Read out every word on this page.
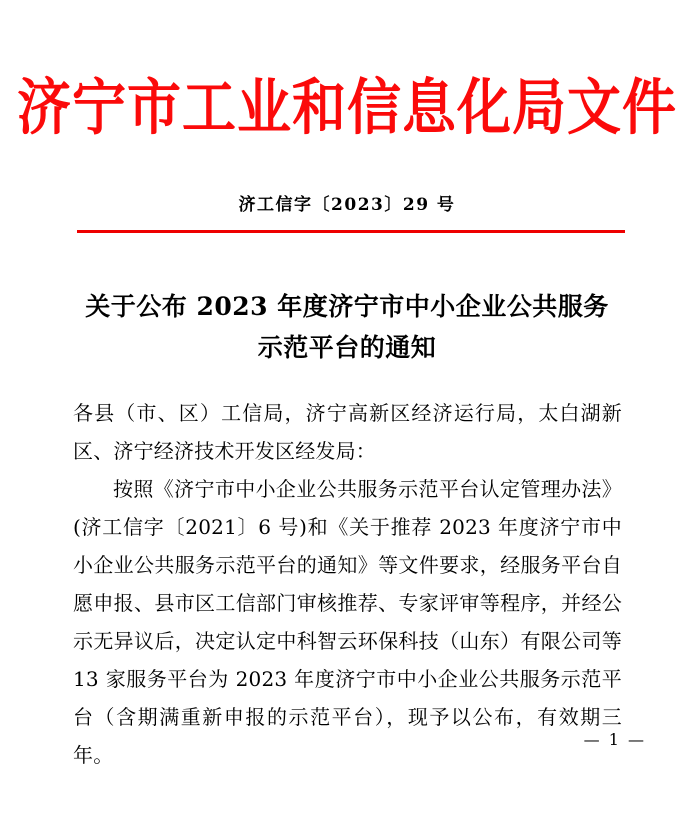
济宁市工业和信息化局文件
济工信字〔2023〕29 号
关于公布 2023 年度济宁市中小企业公共服务
示范平台的通知

各县（市、区）工信局，济宁高新区经济运行局，太白湖新区、济宁经济技术开发区经发局：

按照《济宁市中小企业公共服务示范平台认定管理办法》(济工信字〔2021〕6 号)和《关于推荐 2023 年度济宁市中小企业公共服务示范平台的通知》等文件要求，经服务平台自愿申报、县市区工信部门审核推荐、专家评审等程序，并经公示无异议后，决定认定中科智云环保科技（山东）有限公司等 13 家服务平台为 2023 年度济宁市中小企业公共服务示范平台（含期满重新申报的示范平台），现予以公布，有效期三年。

— 1 —
